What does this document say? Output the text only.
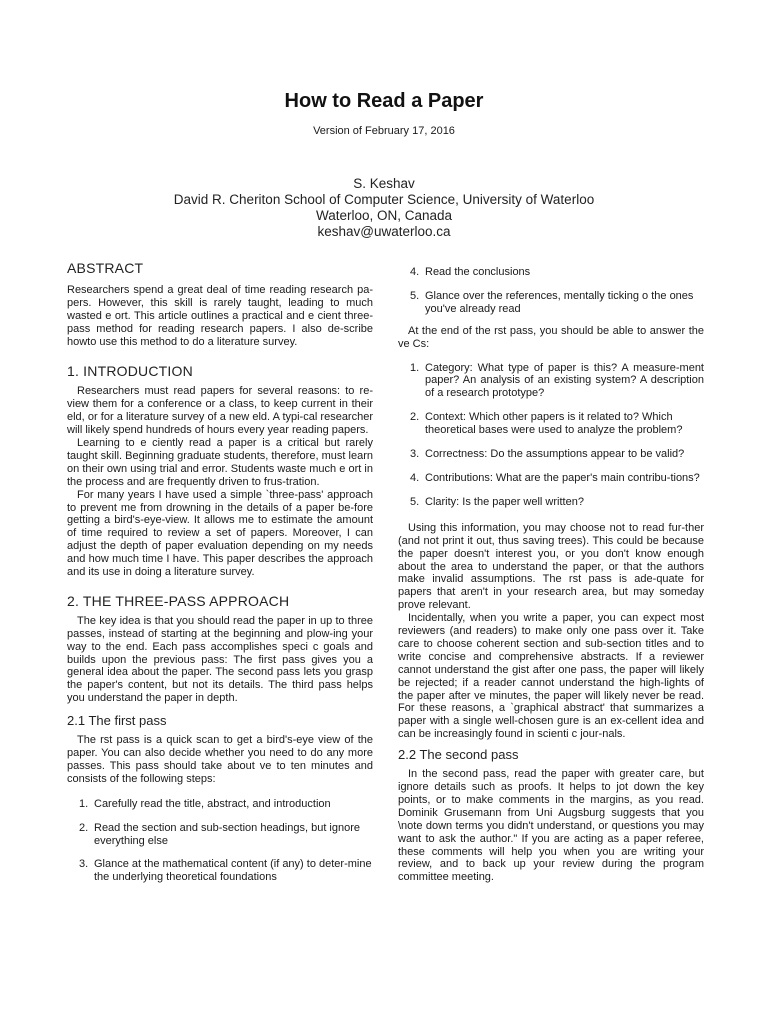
How to Read a Paper
Version of February 17, 2016
S. Keshav
David R. Cheriton School of Computer Science, University of Waterloo
Waterloo, ON, Canada
keshav@uwaterloo.ca
ABSTRACT

Researchers spend a great deal of time reading research pa-pers. However, this skill is rarely taught, leading to much wasted e ort. This article outlines a practical and e cient three-pass method for reading research papers. I also de-scribe howto use this method to do a literature survey.

1. INTRODUCTION

Researchers must read papers for several reasons: to re-view them for a conference or a class, to keep current in their eld, or for a literature survey of a new eld. A typi-cal researcher will likely spend hundreds of hours every year reading papers.

Learning to e ciently read a paper is a critical but rarely taught skill. Beginning graduate students, therefore, must learn on their own using trial and error. Students waste much e ort in the process and are frequently driven to frus-tration.

For many years I have used a simple `three-pass' approach to prevent me from drowning in the details of a paper be-fore getting a bird's-eye-view. It allows me to estimate the amount of time required to review a set of papers. Moreover, I can adjust the depth of paper evaluation depending on my needs and how much time I have. This paper describes the approach and its use in doing a literature survey.

2. THE THREE-PASS APPROACH

The key idea is that you should read the paper in up to three passes, instead of starting at the beginning and plow-ing your way to the end. Each pass accomplishes speci c goals and builds upon the previous pass: The first pass gives you a general idea about the paper. The second pass lets you grasp the paper's content, but not its details. The third pass helps you understand the paper in depth.

2.1 The first pass

The rst pass is a quick scan to get a bird's-eye view of the paper. You can also decide whether you need to do any more passes. This pass should take about ve to ten minutes and consists of the following steps:

1. Carefully read the title, abstract, and introduction
2. Read the section and sub-section headings, but ignore everything else
3. Glance at the mathematical content (if any) to deter-mine the underlying theoretical foundations
4. Read the conclusions
5. Glance over the references, mentally ticking o the ones you've already read

At the end of the rst pass, you should be able to answer the ve Cs:

1. Category: What type of paper is this? A measure-ment paper? An analysis of an existing system? A description of a research prototype?
2. Context: Which other papers is it related to? Which theoretical bases were used to analyze the problem?
3. Correctness: Do the assumptions appear to be valid?
4. Contributions: What are the paper's main contribu-tions?
5. Clarity: Is the paper well written?

Using this information, you may choose not to read fur-ther (and not print it out, thus saving trees). This could be because the paper doesn't interest you, or you don't know enough about the area to understand the paper, or that the authors make invalid assumptions. The rst pass is ade-quate for papers that aren't in your research area, but may someday prove relevant.

Incidentally, when you write a paper, you can expect most reviewers (and readers) to make only one pass over it. Take care to choose coherent section and sub-section titles and to write concise and comprehensive abstracts. If a reviewer cannot understand the gist after one pass, the paper will likely be rejected; if a reader cannot understand the high-lights of the paper after ve minutes, the paper will likely never be read. For these reasons, a `graphical abstract' that summarizes a paper with a single well-chosen gure is an ex-cellent idea and can be increasingly found in scienti c jour-nals.

2.2 The second pass

In the second pass, read the paper with greater care, but ignore details such as proofs. It helps to jot down the key points, or to make comments in the margins, as you read. Dominik Grusemann from Uni Augsburg suggests that you \note down terms you didn't understand, or questions you may want to ask the author." If you are acting as a paper referee, these comments will help you when you are writing your review, and to back up your review during the program committee meeting.
